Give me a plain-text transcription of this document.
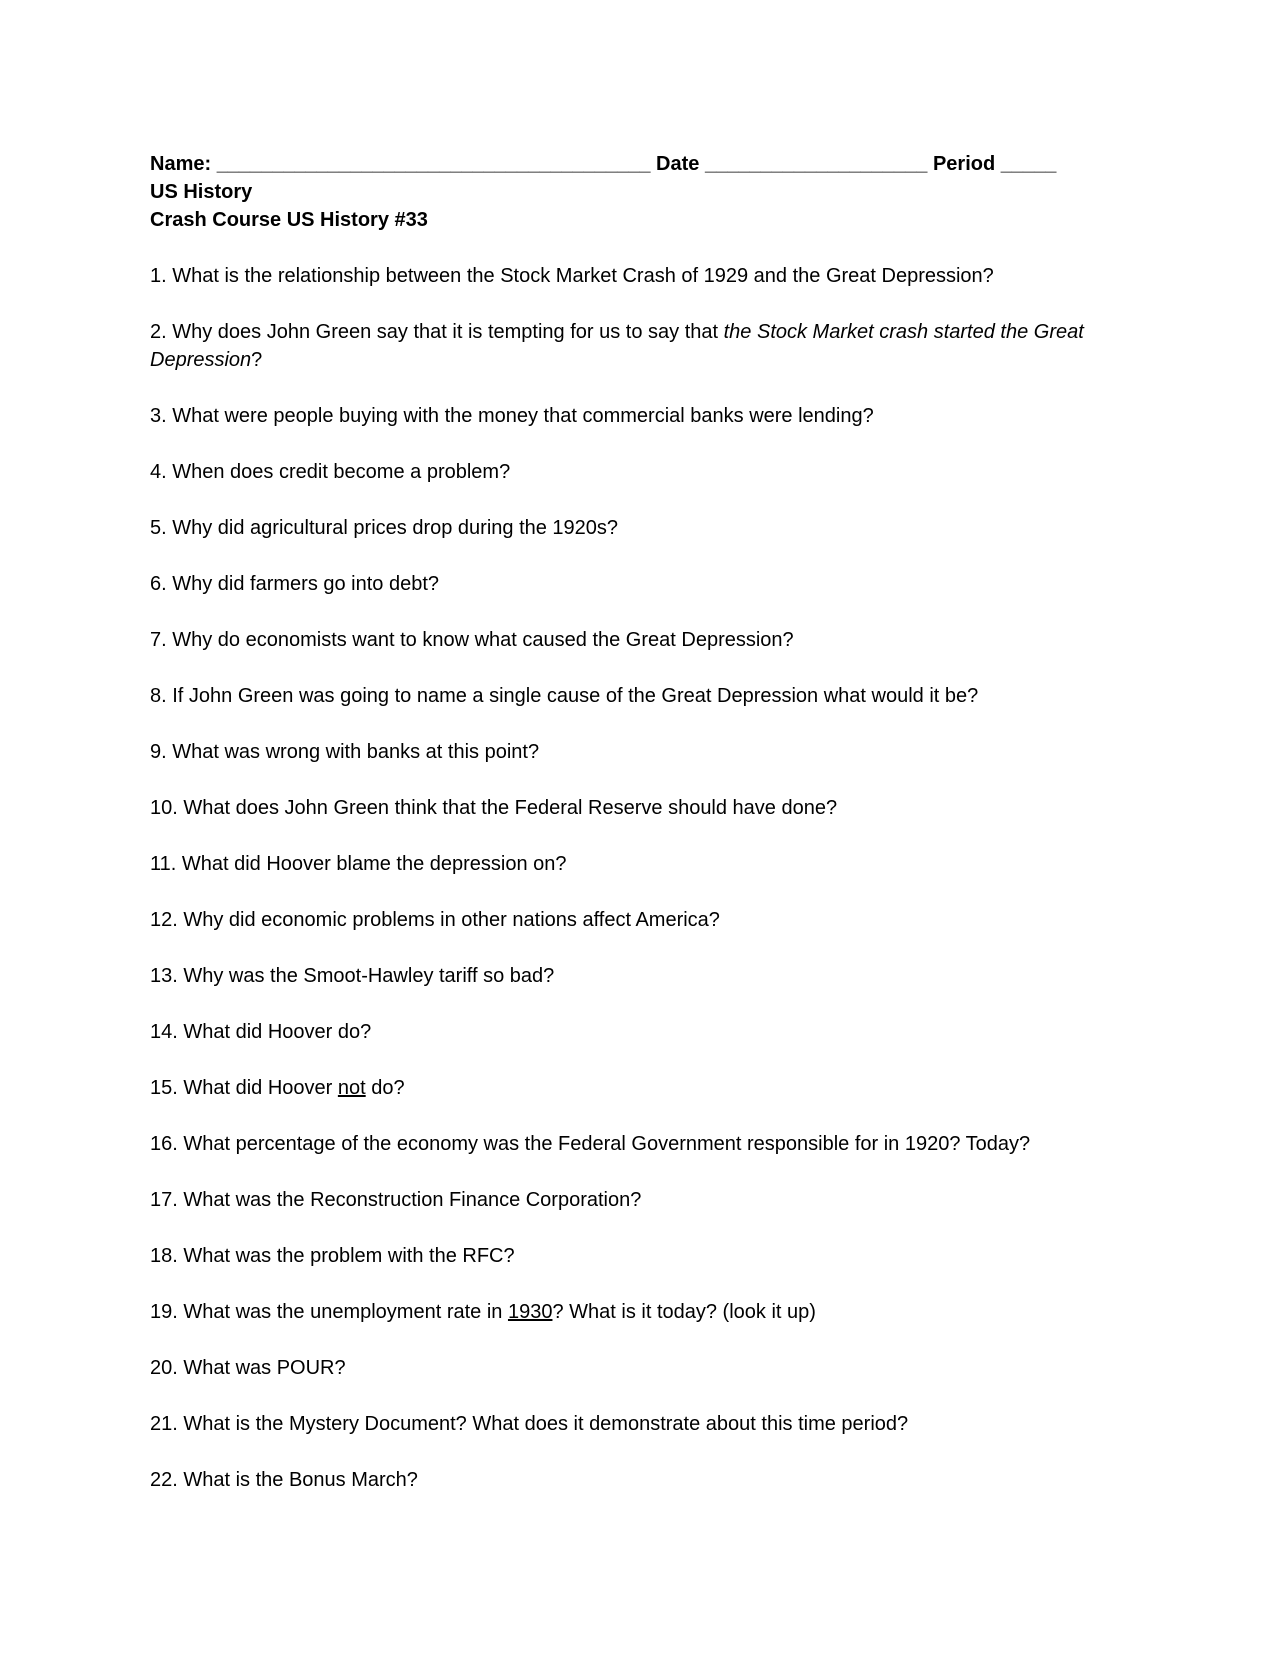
Name: _______________________________________ Date ____________________ Period _____
US History
Crash Course US History #33

1. What is the relationship between the Stock Market Crash of 1929 and the Great Depression?

2. Why does John Green say that it is tempting for us to say that the Stock Market crash started the Great Depression?

3. What were people buying with the money that commercial banks were lending?

4. When does credit become a problem?

5. Why did agricultural prices drop during the 1920s?

6. Why did farmers go into debt?

7. Why do economists want to know what caused the Great Depression?

8. If John Green was going to name a single cause of the Great Depression what would it be?

9. What was wrong with banks at this point?

10. What does John Green think that the Federal Reserve should have done?

11. What did Hoover blame the depression on?

12. Why did economic problems in other nations affect America?

13. Why was the Smoot-Hawley tariff so bad?

14. What did Hoover do?

15. What did Hoover not do?

16. What percentage of the economy was the Federal Government responsible for in 1920? Today?

17. What was the Reconstruction Finance Corporation?

18. What was the problem with the RFC?

19. What was the unemployment rate in 1930? What is it today? (look it up)

20. What was POUR?

21. What is the Mystery Document? What does it demonstrate about this time period?

22. What is the Bonus March?
